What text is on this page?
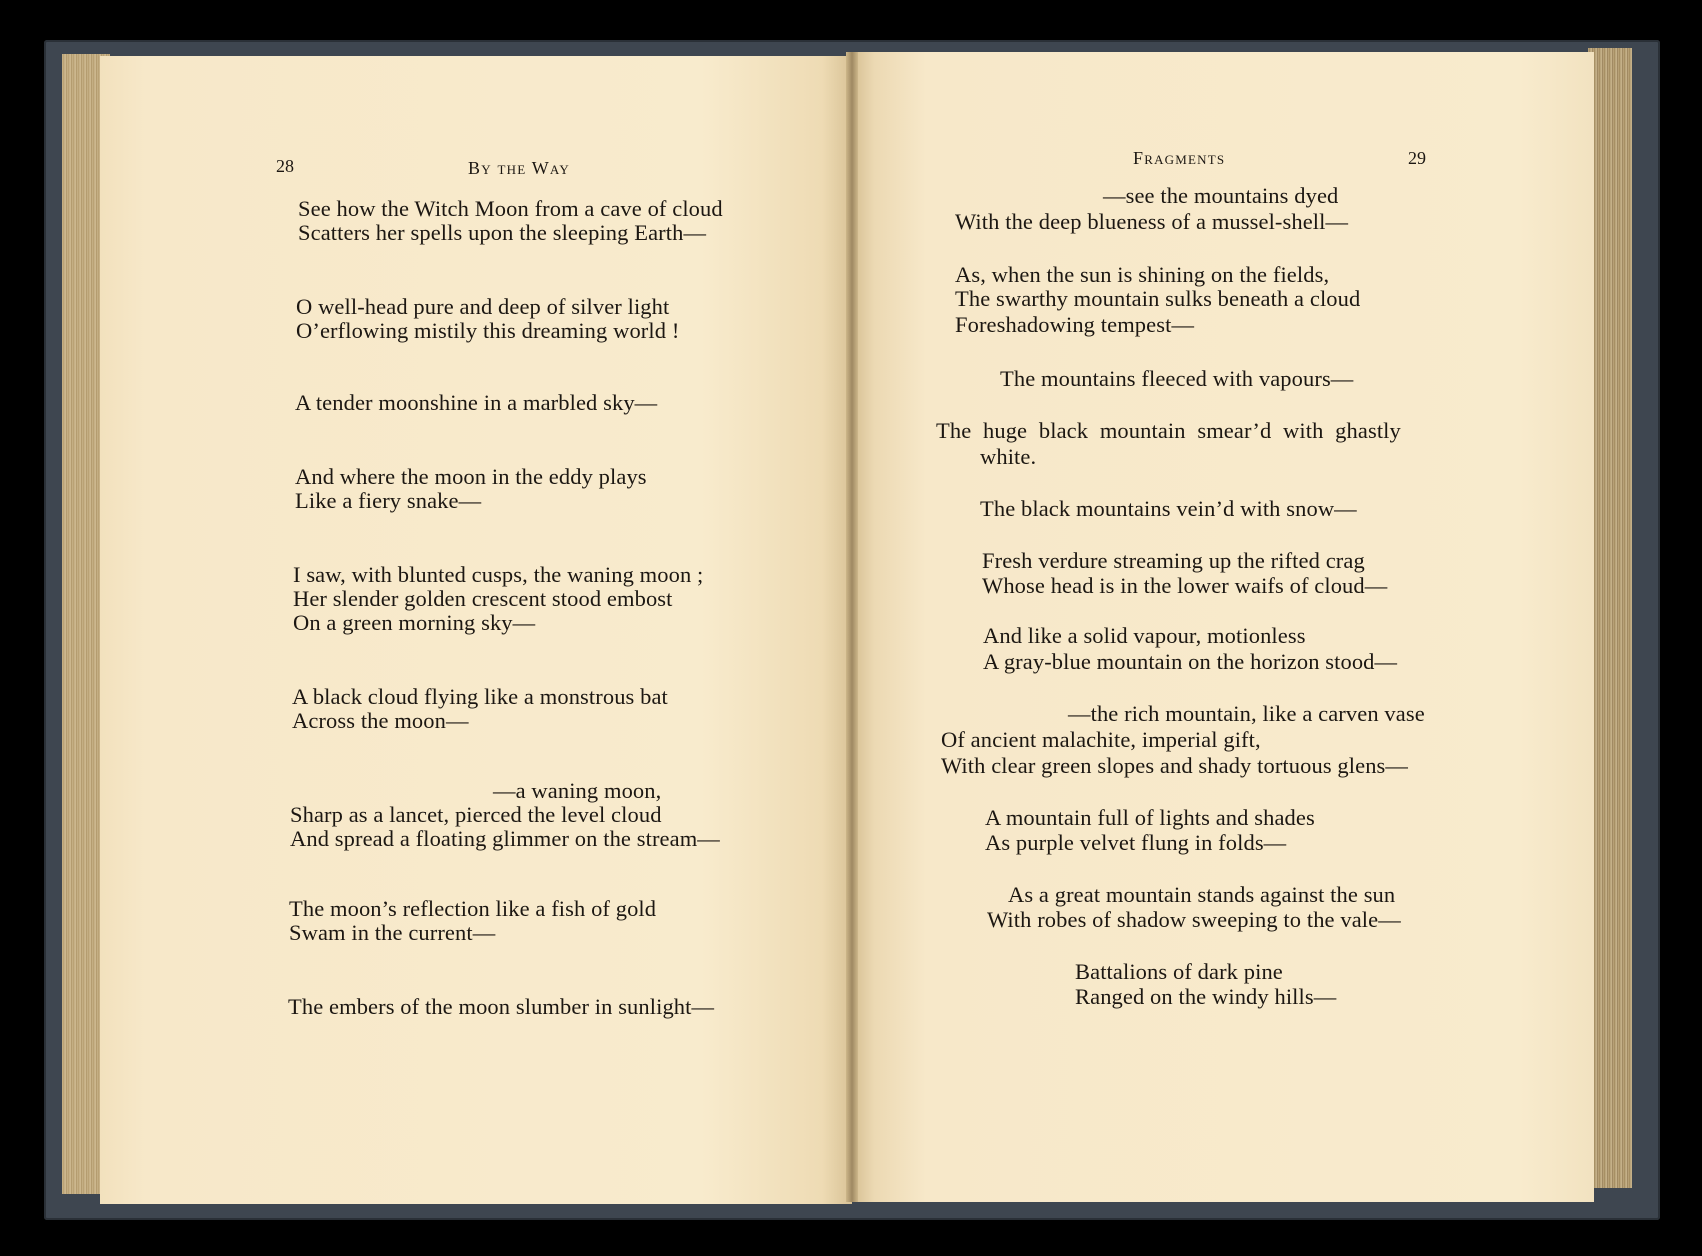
28	By the Way
See how the Witch Moon from a cave of cloud
Scatters her spells upon the sleeping Earth—
O well-head pure and deep of silver light
O’erflowing mistily this dreaming world !
A tender moonshine in a marbled sky—
And where the moon in the eddy plays
Like a fiery snake—
I saw, with blunted cusps, the waning moon ;
Her slender golden crescent stood embost
On a green morning sky—
A black cloud flying like a monstrous bat
Across the moon—
—a waning moon,
Sharp as a lancet, pierced the level cloud
And spread a floating glimmer on the stream—
The moon’s reflection like a fish of gold
Swam in the current—
The embers of the moon slumber in sunlight—
Fragments	29
—see the mountains dyed
With the deep blueness of a mussel-shell—
As, when the sun is shining on the fields,
The swarthy mountain sulks beneath a cloud
Foreshadowing tempest—
The mountains fleeced with vapours—
The huge black mountain smear’d with ghastly
white.
The black mountains vein’d with snow—
Fresh verdure streaming up the rifted crag
Whose head is in the lower waifs of cloud—
And like a solid vapour, motionless
A gray-blue mountain on the horizon stood—
—the rich mountain, like a carven vase
Of ancient malachite, imperial gift,
With clear green slopes and shady tortuous glens—
A mountain full of lights and shades
As purple velvet flung in folds—
As a great mountain stands against the sun
With robes of shadow sweeping to the vale—
Battalions of dark pine
Ranged on the windy hills—
